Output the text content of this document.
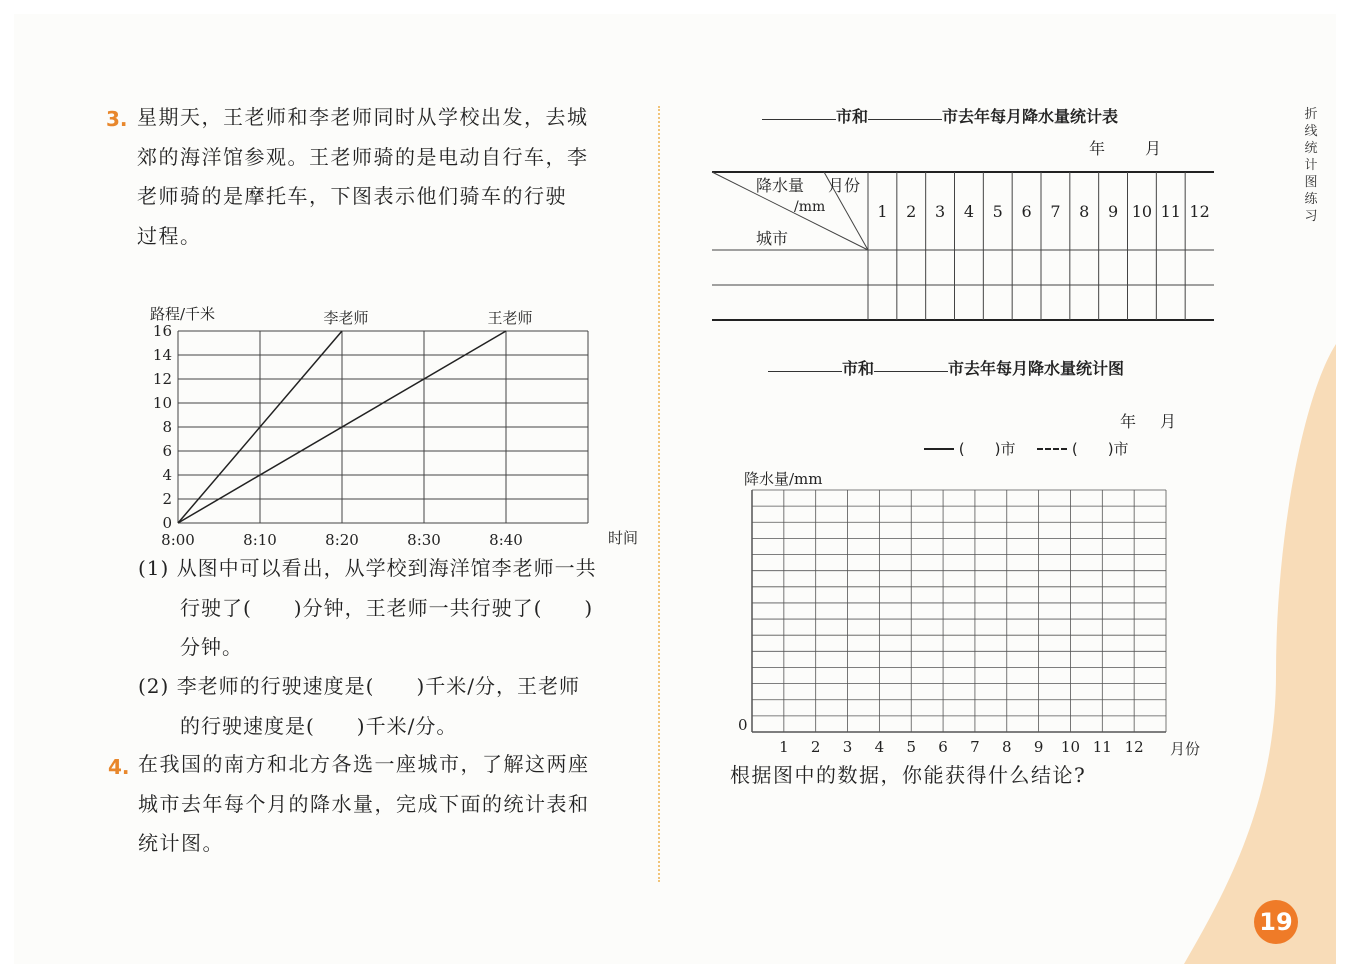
折
线
统
计
图
练
习
3. 星期天，王老师和李老师同时从学校出发，去城
郊的海洋馆参观。王老师骑的是电动自行车，李
老师骑的是摩托车，下图表示他们骑车的行驶
过程。
0
2
4
6
8
10
12
14
16
8:00	8:10	8:20	8:30	8:40
路程/千米
时间
李老师	王老师
(1) 从图中可以看出，从学校到海洋馆李老师一共
行驶了(　　)分钟，王老师一共行驶了(　　)
分钟。
(2) 李老师的行驶速度是(　　)千米/分，王老师
的行驶速度是(　　)千米/分。
4. 在我国的南方和北方各选一座城市，了解这两座
城市去年每个月的降水量，完成下面的统计表和
统计图。
市和	市去年每月降水量统计表
年	月
1 2 3 4 5 6 7 8 9 10 11 12
降水量
/mm
月份
城市
市和	市去年每月降水量统计图
年 月
(　　)市	(　　)市
1 2 3 4 5 6 7 8 9 10 11 12 月份
0
降水量/mm
根据图中的数据，你能获得什么结论?
19
